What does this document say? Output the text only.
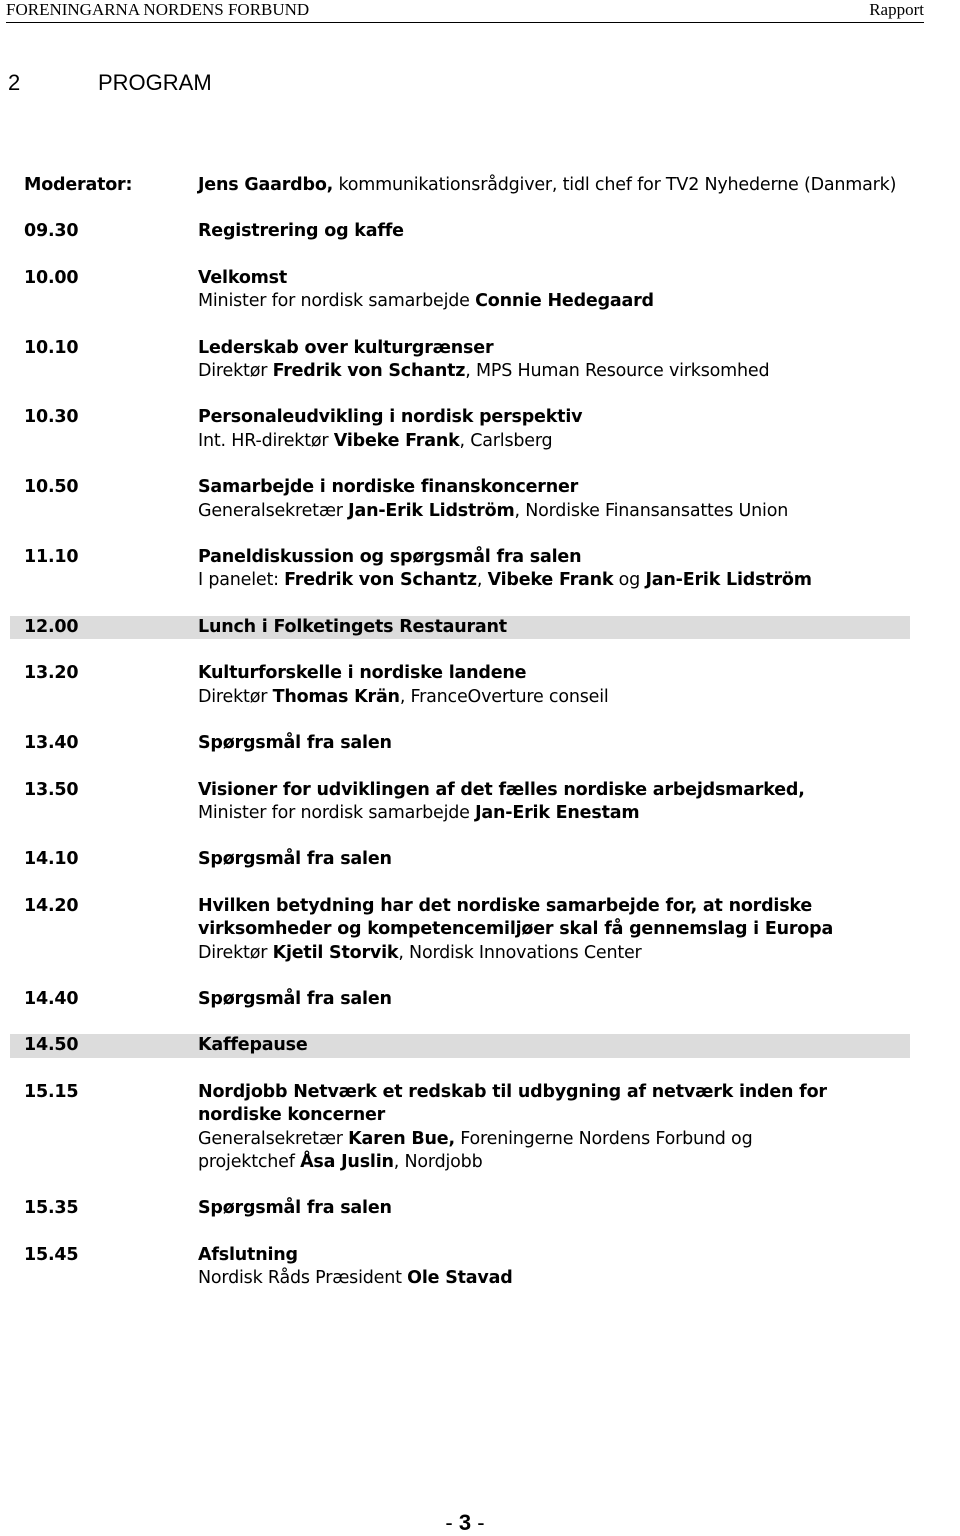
FORENINGARNA NORDENS FORBUND	Rapport
2	PROGRAM
Moderator:	Jens Gaardbo, kommunikationsrådgiver, tidl chef for TV2 Nyhederne (Danmark)
09.30	Registrering og kaffe
10.00	Velkomst
Minister for nordisk samarbejde Connie Hedegaard
10.10	Lederskab over kulturgrænser
Direktør Fredrik von Schantz, MPS Human Resource virksomhed
10.30	Personaleudvikling i nordisk perspektiv
Int. HR-direktør Vibeke Frank, Carlsberg
10.50	Samarbejde i nordiske finanskoncerner
Generalsekretær Jan-Erik Lidström, Nordiske Finansansattes Union
11.10	Paneldiskussion og spørgsmål fra salen
I panelet: Fredrik von Schantz, Vibeke Frank og Jan-Erik Lidström
12.00	Lunch i Folketingets Restaurant
13.20	Kulturforskelle i nordiske landene
Direktør Thomas Krän, FranceOverture conseil
13.40	Spørgsmål fra salen
13.50	Visioner for udviklingen af det fælles nordiske arbejdsmarked,
Minister for nordisk samarbejde Jan-Erik Enestam
14.10	Spørgsmål fra salen
14.20	Hvilken betydning har det nordiske samarbejde for, at nordiske
virksomheder og kompetencemiljøer skal få gennemslag i Europa
Direktør Kjetil Storvik, Nordisk Innovations Center
14.40	Spørgsmål fra salen
14.50	Kaffepause
15.15	Nordjobb Netværk et redskab til udbygning af netværk inden for
nordiske koncerner
Generalsekretær Karen Bue, Foreningerne Nordens Forbund og
projektchef Åsa Juslin, Nordjobb
15.35	Spørgsmål fra salen
15.45	Afslutning
Nordisk Råds Præsident Ole Stavad
- 3 -
